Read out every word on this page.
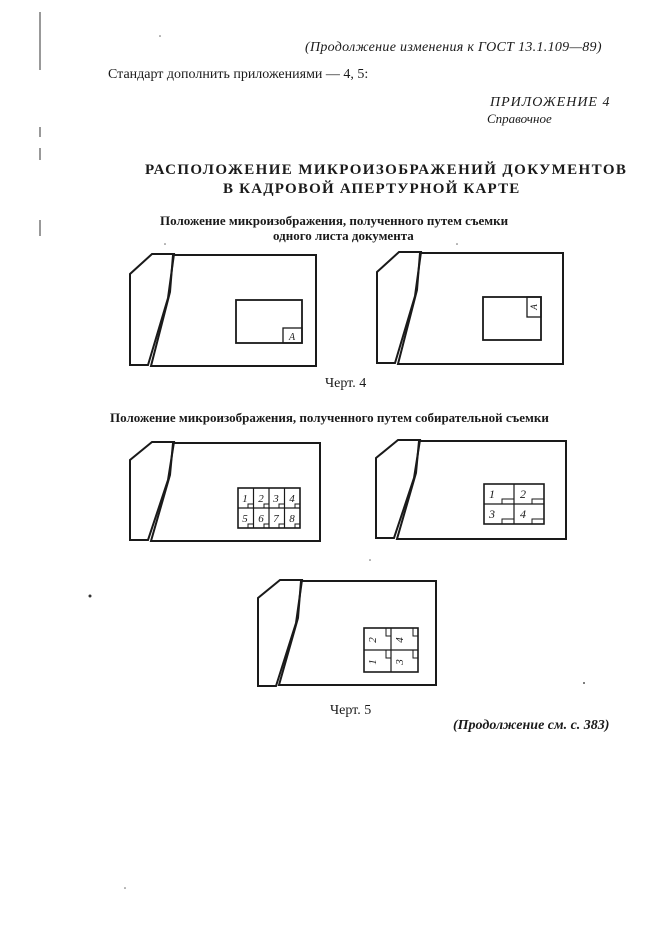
(Продолжение изменения к ГОСТ 13.1.109—89)
Стандарт дополнить приложениями — 4, 5:
ПРИЛОЖЕНИЕ 4
Справочное
РАСПОЛОЖЕНИЕ МИКРОИЗОБРАЖЕНИЙ ДОКУМЕНТОВ
В КАДРОВОЙ АПЕРТУРНОЙ КАРТЕ
Положение микроизображения, полученного путем съемки
одного листа документа
А
А
Черт. 4
Положение микроизображения, полученного путем собирательной съемки
1 2 3 4
5 6 7 8
1 2
3 4
2 4
1 3
Черт. 5
(Продолжение см. с. 383)
